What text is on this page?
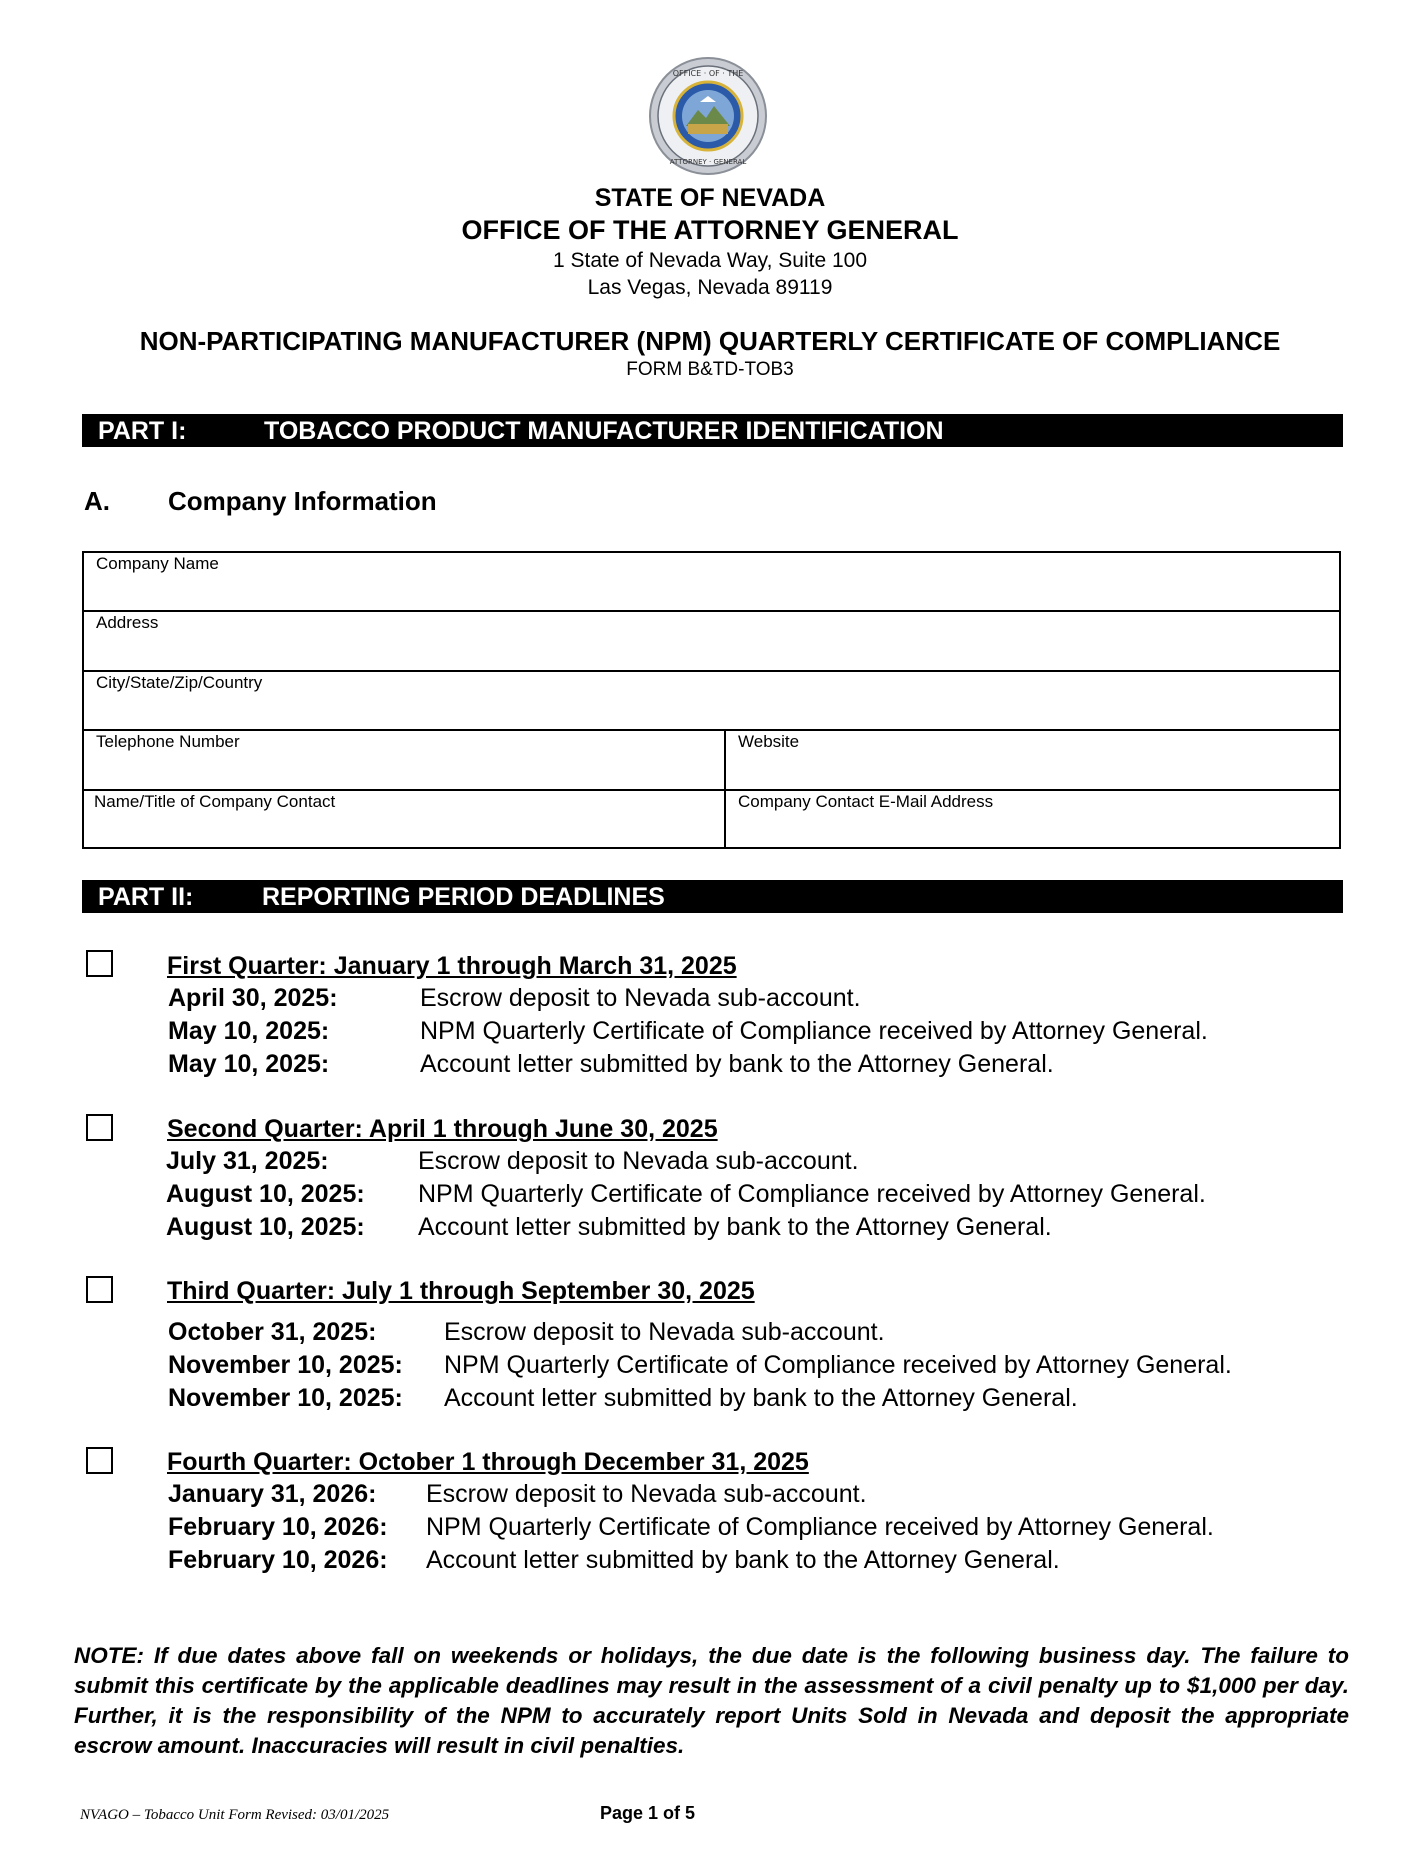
OFFICE · OF · THE
ATTORNEY · GENERAL
STATE OF NEVADA
OFFICE OF THE ATTORNEY GENERAL
1 State of Nevada Way, Suite 100
Las Vegas, Nevada 89119
NON-PARTICIPATING MANUFACTURER (NPM) QUARTERLY CERTIFICATE OF COMPLIANCE
FORM B&TD-TOB3
PART I:	TOBACCO PRODUCT MANUFACTURER IDENTIFICATION
A. Company Information
Company Name
Address
City/State/Zip/Country
Telephone Number	Website
Name/Title of Company Contact	Company Contact E-Mail Address
PART II:	REPORTING PERIOD DEADLINES
First Quarter: January 1 through March 31, 2025
April 30, 2025:	Escrow deposit to Nevada sub-account.
May 10, 2025:	NPM Quarterly Certificate of Compliance received by Attorney General.
May 10, 2025:	Account letter submitted by bank to the Attorney General.
Second Quarter: April 1 through June 30, 2025
July 31, 2025:	Escrow deposit to Nevada sub-account.
August 10, 2025: NPM Quarterly Certificate of Compliance received by Attorney General.
August 10, 2025: Account letter submitted by bank to the Attorney General.
Third Quarter: July 1 through September 30, 2025
October 31, 2025:	Escrow deposit to Nevada sub-account.
November 10, 2025: NPM Quarterly Certificate of Compliance received by Attorney General.
November 10, 2025: Account letter submitted by bank to the Attorney General.
Fourth Quarter: October 1 through December 31, 2025
January 31, 2026: Escrow deposit to Nevada sub-account.
February 10, 2026: NPM Quarterly Certificate of Compliance received by Attorney General.
February 10, 2026: Account letter submitted by bank to the Attorney General.
NOTE: If due dates above fall on weekends or holidays, the due date is the following business day. The failure to submit this certificate by the applicable deadlines may result in the assessment of a civil penalty up to $1,000 per day. Further, it is the responsibility of the NPM to accurately report Units Sold in Nevada and deposit the appropriate escrow amount. Inaccuracies will result in civil penalties.
NVAGO – Tobacco Unit Form Revised: 03/01/2025	Page 1 of 5
